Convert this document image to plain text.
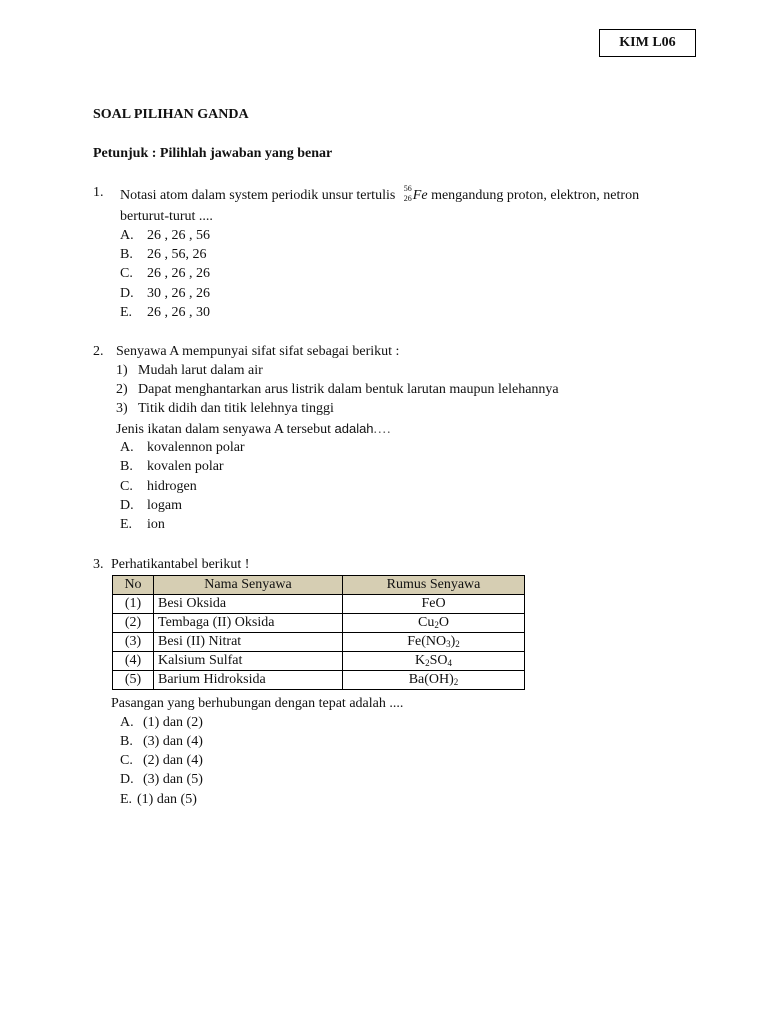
KIM L06
SOAL PILIHAN GANDA
Petunjuk : Pilihlah jawaban yang benar
1. Notasi atom dalam system periodik unsur tertulis 56
26 Fe mengandung proton, elektron, netron
berturut-turut ....
A. 26 , 26 , 56
B. 26 , 56, 26
C. 26 , 26 , 26
D. 30 , 26 , 26
E. 26 , 26 , 30
2. Senyawa A mempunyai sifat sifat sebagai berikut :
1) Mudah larut dalam air
2) Dapat menghantarkan arus listrik dalam bentuk larutan maupun lelehannya
3) Titik didih dan titik lelehnya tinggi
Jenis ikatan dalam senyawa A tersebut adalah....
A. kovalennon polar
B. kovalen polar
C. hidrogen
D. logam
E. ion
3. Perhatikantabel berikut !
No	Nama Senyawa	Rumus Senyawa
(1)	Besi Oksida	FeO
(2)	Tembaga (II) Oksida	$Cu_2O$
(3)	Besi (II) Nitrat	$Fe(NO_3)_2$
(4)	Kalsium Sulfat	$K_2SO_4$
(5)	Barium Hidroksida	$Ba(OH)_2$
Pasangan yang berhubungan dengan tepat adalah ....
A. (1) dan (2)
B. (3) dan (4)
C. (2) dan (4)
D. (3) dan (5)
E. (1) dan (5)
